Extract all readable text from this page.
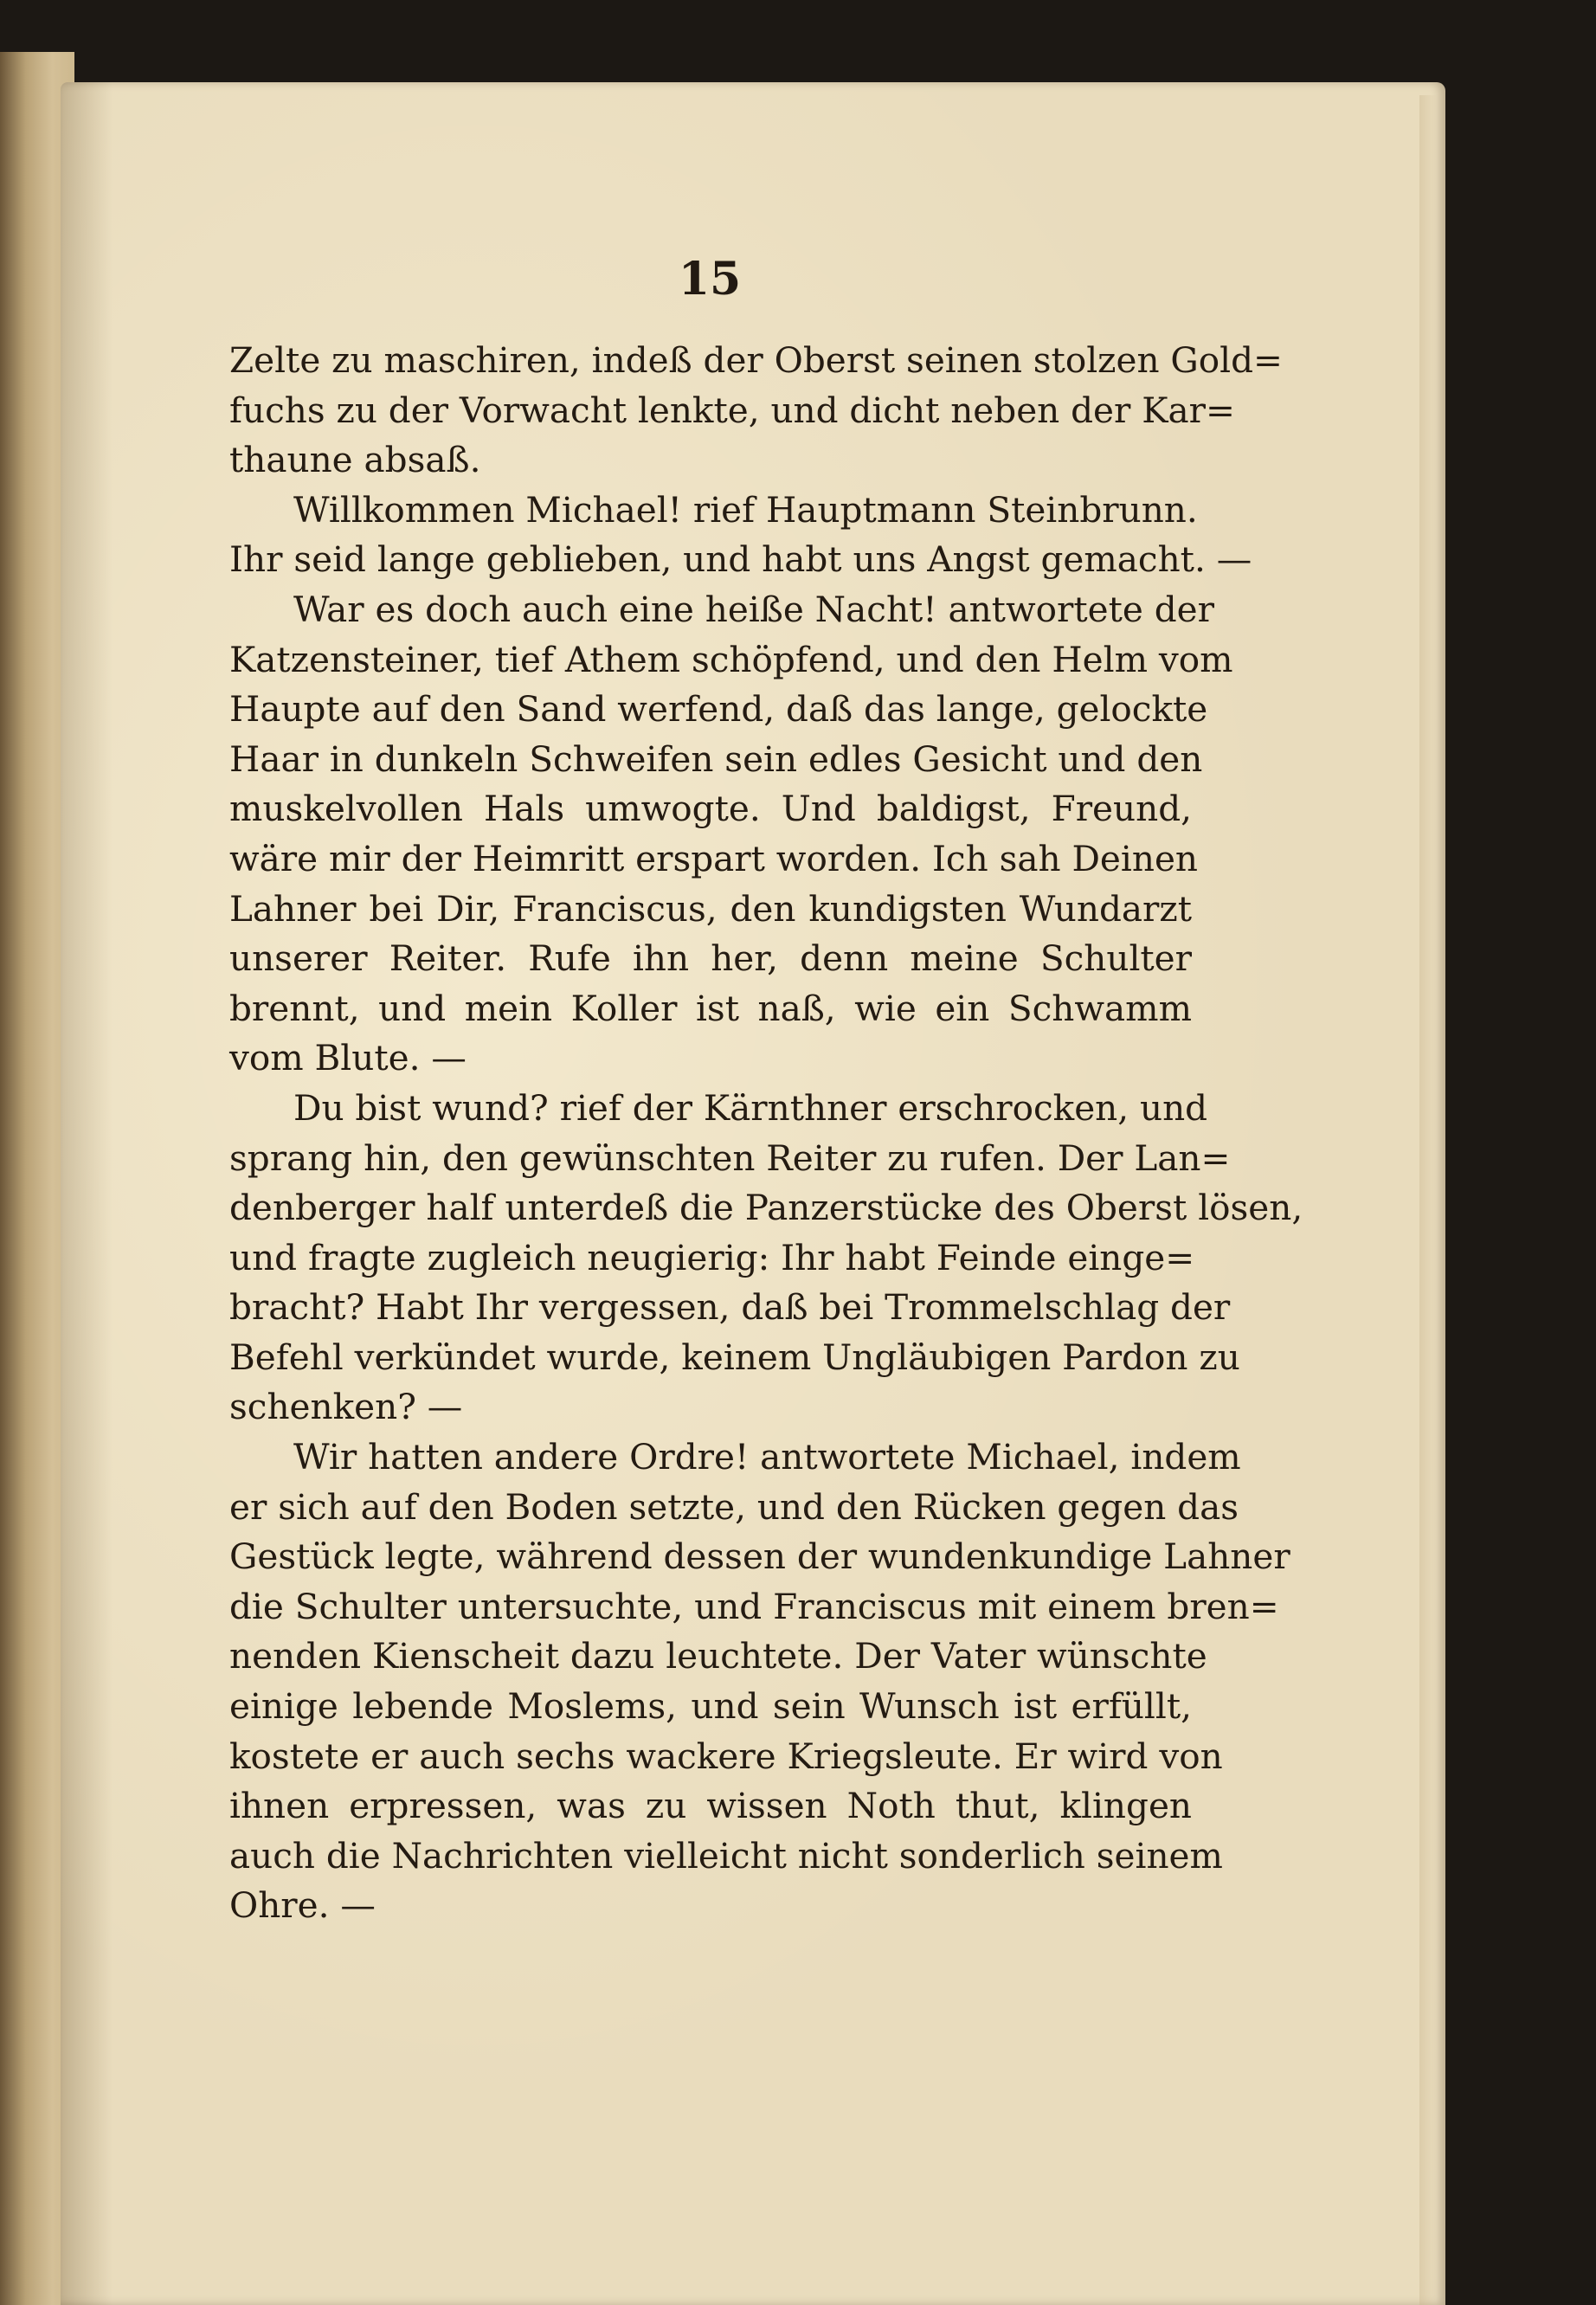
15
Zelte zu maschiren, indeß der Oberst seinen stolzen Gold=
fuchs zu der Vorwacht lenkte, und dicht neben der Kar=
thaune absaß.
Willkommen Michael! rief Hauptmann Steinbrunn.
Ihr seid lange geblieben, und habt uns Angst gemacht. —
War es doch auch eine heiße Nacht! antwortete der
Katzensteiner, tief Athem schöpfend, und den Helm vom
Haupte auf den Sand werfend, daß das lange, gelockte
Haar in dunkeln Schweifen sein edles Gesicht und den
muskelvollen Hals umwogte. Und baldigst, Freund,
wäre mir der Heimritt erspart worden. Ich sah Deinen
Lahner bei Dir, Franciscus, den kundigsten Wundarzt
unserer Reiter. Rufe ihn her, denn meine Schulter
brennt, und mein Koller ist naß, wie ein Schwamm
vom Blute. —
Du bist wund? rief der Kärnthner erschrocken, und
sprang hin, den gewünschten Reiter zu rufen. Der Lan=
denberger half unterdeß die Panzerstücke des Oberst lösen,
und fragte zugleich neugierig: Ihr habt Feinde einge=
bracht? Habt Ihr vergessen, daß bei Trommelschlag der
Befehl verkündet wurde, keinem Ungläubigen Pardon zu
schenken? —
Wir hatten andere Ordre! antwortete Michael, indem
er sich auf den Boden setzte, und den Rücken gegen das
Gestück legte, während dessen der wundenkundige Lahner
die Schulter untersuchte, und Franciscus mit einem bren=
nenden Kienscheit dazu leuchtete. Der Vater wünschte
einige lebende Moslems, und sein Wunsch ist erfüllt,
kostete er auch sechs wackere Kriegsleute. Er wird von
ihnen erpressen, was zu wissen Noth thut, klingen
auch die Nachrichten vielleicht nicht sonderlich seinem
Ohre. —
